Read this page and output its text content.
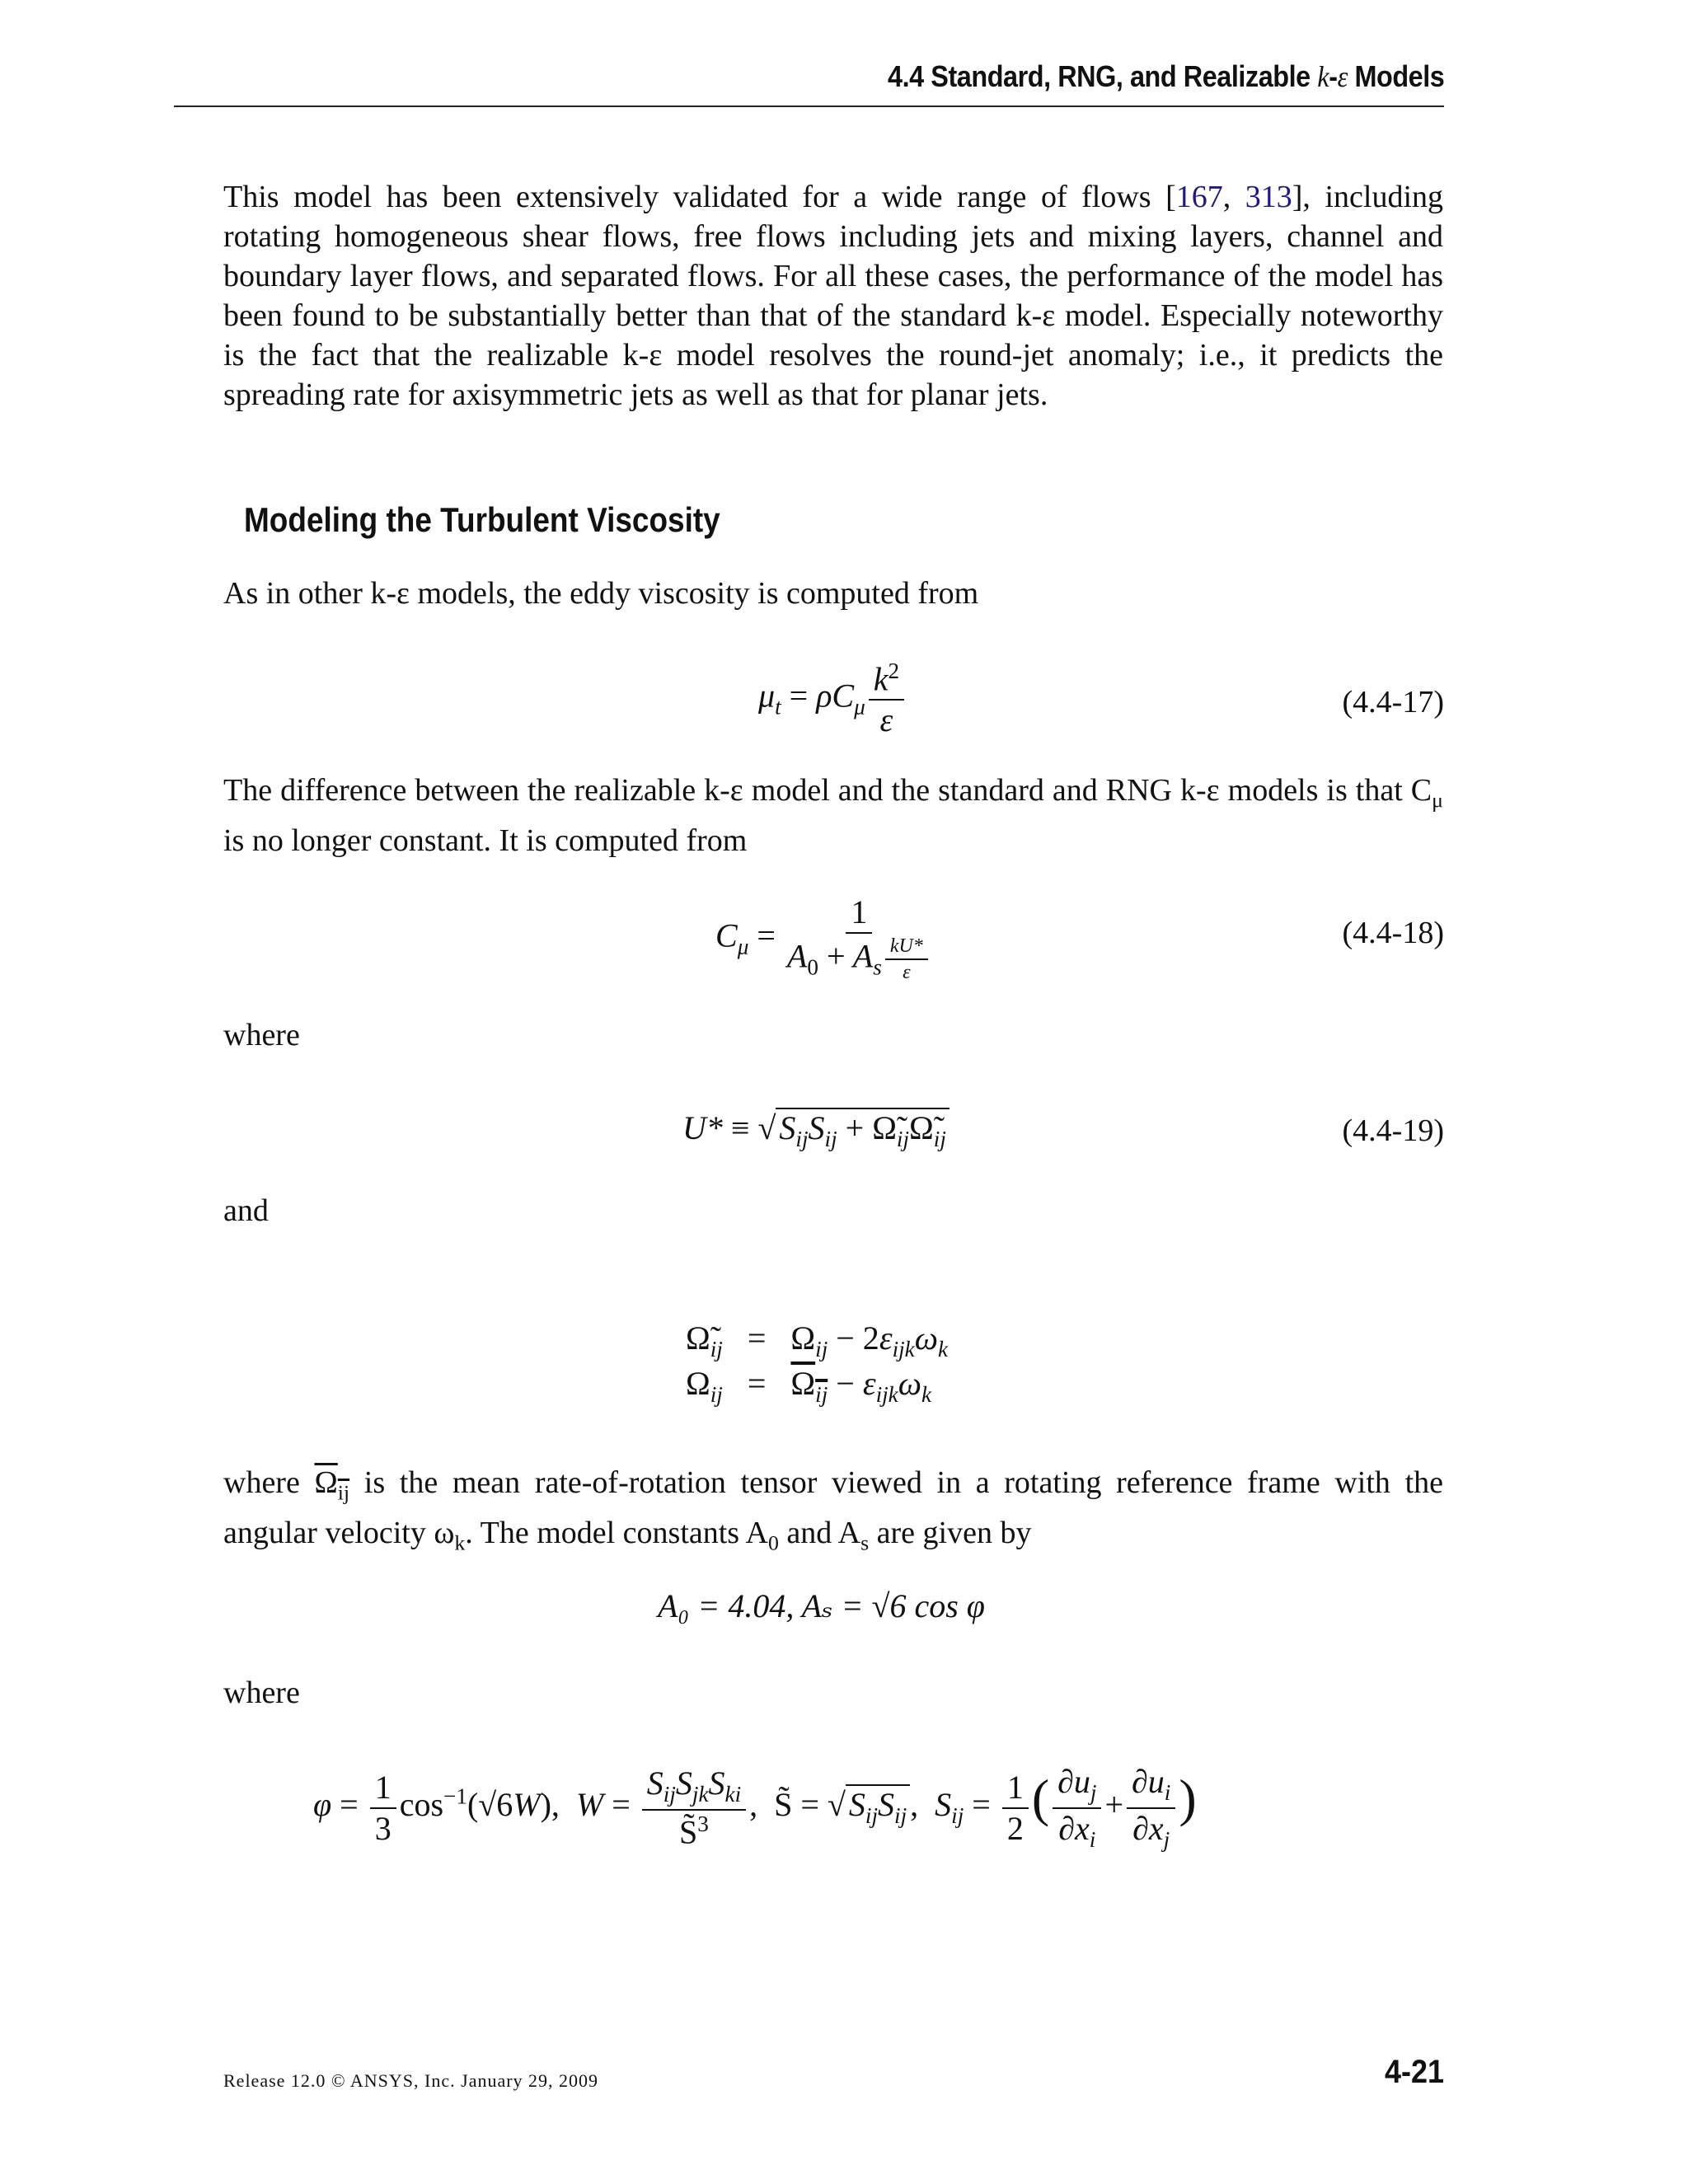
4.4 Standard, RNG, and Realizable k-ε Models
This model has been extensively validated for a wide range of flows [167, 313], including rotating homogeneous shear flows, free flows including jets and mixing layers, channel and boundary layer flows, and separated flows. For all these cases, the performance of the model has been found to be substantially better than that of the standard k-ε model. Especially noteworthy is the fact that the realizable k-ε model resolves the round-jet anomaly; i.e., it predicts the spreading rate for axisymmetric jets as well as that for planar jets.
Modeling the Turbulent Viscosity
As in other k-ε models, the eddy viscosity is computed from
$\mu_t = \rho C_\mu \frac{k^2}{\varepsilon}$	(4.4-17)
The difference between the realizable k-ε model and the standard and RNG k-ε models is that $C_\mu$ is no longer constant. It is computed from
$C_\mu = \frac{1}{A_0 + A_s \frac{kU*}{\varepsilon}}$	(4.4-18)
where
U* ≡ √ $S_{ij}S_{ij}$ + $\Omegã_{ij}\Omegã_{ij}$	(4.4-19)
and
$\Omegã_{ij} = \Omega_{ij} - 2\varepsilon_{ijk}\omega_k$
$\Omega_{ij} = \Omega_{ij} - \varepsilon_{ijk}\omega_k$
where $\Omega_{ij}$ is the mean rate-of-rotation tensor viewed in a rotating reference frame with the angular velocity $\omega_k$. The model constants $A_0$ and $A_s$ are given by
A₀ = 4.04, Aₛ = √6 cos φ
where
$\varphi = \frac{1}{3} \cos^{-1}(√6W)$,  $W = \frac{S_{ij}S_{jk}S_{ki}}{S̃^3}$ , S̃ = √ $S_{ij}S_{ij}$ ,  $S_{ij} = \frac{1}{2}$ ( $\frac{\partial u_j}{\partial x_i} + \frac{\partial u_i}{\partial x_j}$ )
Release 12.0 © ANSYS, Inc. January 29, 2009	4-21
